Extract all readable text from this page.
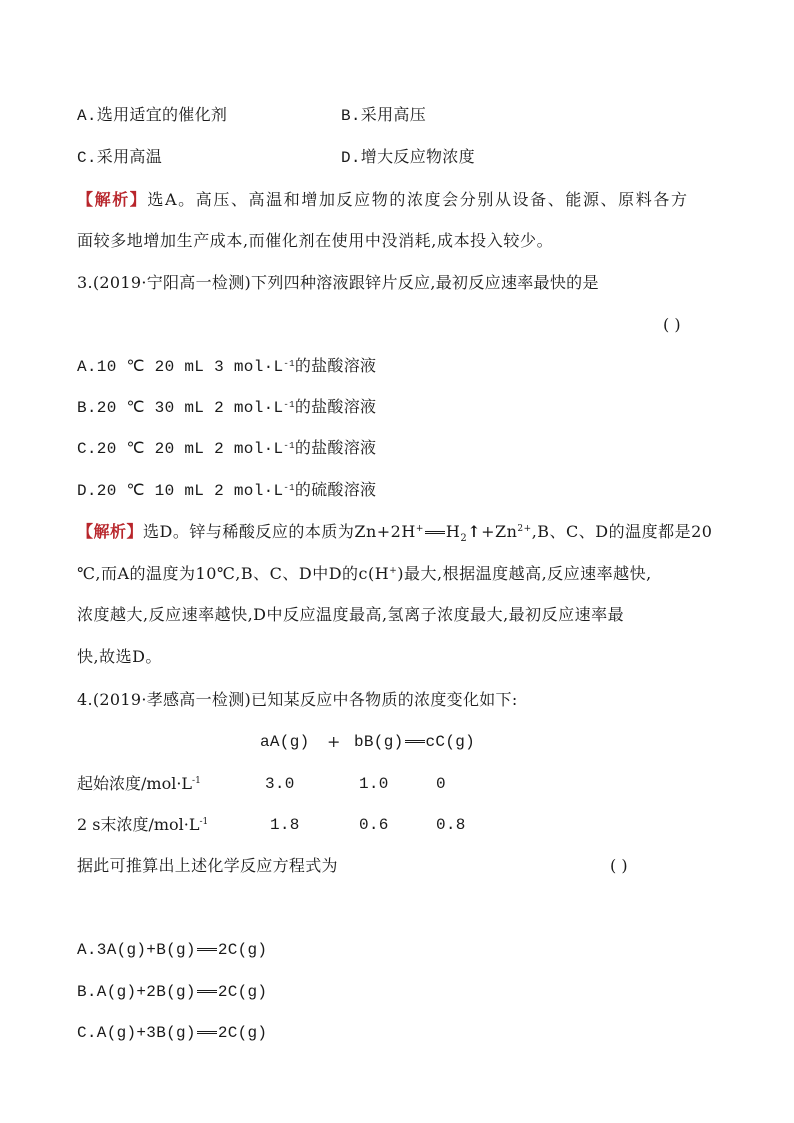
A.选用适宜的催化剂	B.采用高压
C.采用高温	D.增大反应物浓度
【解析】选A。高压、高温和增加反应物的浓度会分别从设备、能源、原料各方
面较多地增加生产成本,而催化剂在使用中没消耗,成本投入较少。
3.(2019·宁阳高一检测)下列四种溶液跟锌片反应,最初反应速率最快的是
( )
A.10 ℃ 20 mL 3 $mol\cdot L^{-1}$的盐酸溶液
B.20 ℃ 30 mL 2 $mol\cdot L^{-1}$的盐酸溶液
C.20 ℃ 20 mL 2 $mol\cdot L^{-1}$的盐酸溶液
D.20 ℃ 10 mL 2 $mol\cdot L^{-1}$的硫酸溶液
【解析】选D。锌与稀酸反应的本质为Zn+2H+ $H_2↑+Zn^{2+},B$、C、D的温度都是20
℃,而A的温度为10℃,B、C、D中D的c(H+)最大,根据温度越高,反应速率越快,
浓度越大,反应速率越快,D中反应温度最高,氢离子浓度最大,最初反应速率最
快,故选D。
4.(2019·孝感高一检测)已知某反应中各物质的浓度变化如下:
aA(g) + bB(g) cC(g)
起始浓度$/mol\cdot L^{-1}$	3.0	1.0	0
2 s末浓度$/mol\cdot L^{-1}$	1.8	0.6	0.8
据此可推算出上述化学反应方程式为	( )
A.3A(g)+B(g) 2C(g)
B.A(g)+2B(g) 2C(g)
C.A(g)+3B(g) 2C(g)
